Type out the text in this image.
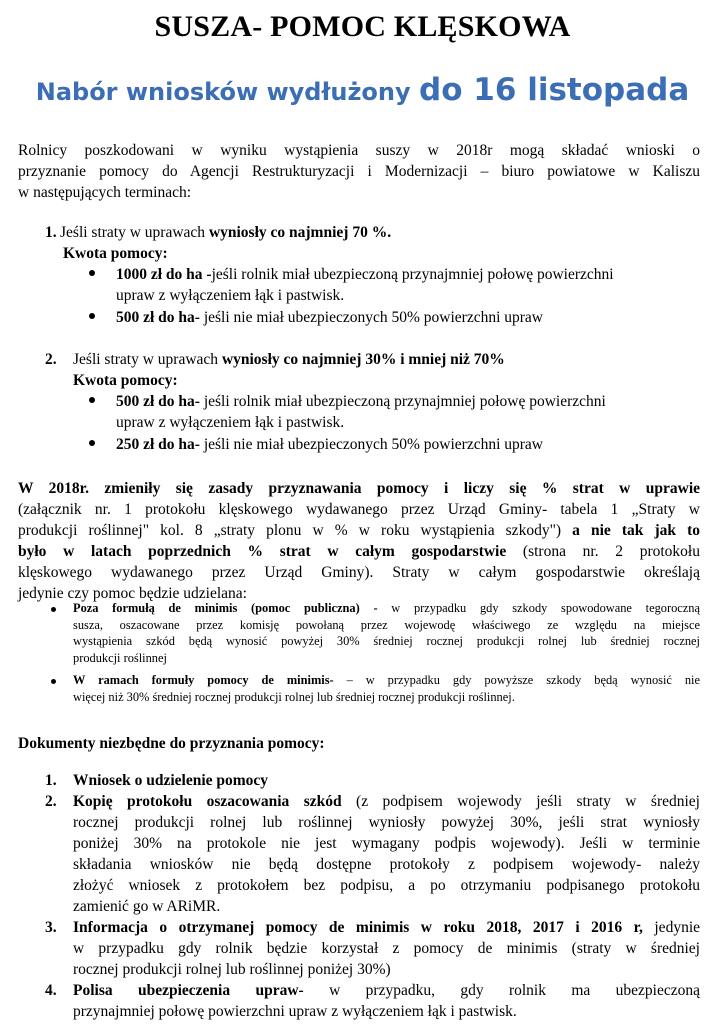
SUSZA- POMOC KLĘSKOWA
Nabór wniosków wydłużony do 16 listopada
Rolnicy poszkodowani w wyniku wystąpienia suszy w 2018r mogą składać wnioski o
przyznanie pomocy do Agencji Restrukturyzacji i Modernizacji – biuro powiatowe w Kaliszu
w następujących terminach:
1. Jeśli straty w uprawach wyniosły co najmniej 70 %.
Kwota pomocy:
1000 zł do ha -jeśli rolnik miał ubezpieczoną przynajmniej połowę powierzchni
upraw z wyłączeniem łąk i pastwisk.
500 zł do ha- jeśli nie miał ubezpieczonych 50% powierzchni upraw
2. Jeśli straty w uprawach wyniosły co najmniej 30% i mniej niż 70%
Kwota pomocy:
500 zł do ha- jeśli rolnik miał ubezpieczoną przynajmniej połowę powierzchni
upraw z wyłączeniem łąk i pastwisk.
250 zł do ha- jeśli nie miał ubezpieczonych 50% powierzchni upraw
W 2018r. zmieniły się zasady przyznawania pomocy i liczy się % strat w uprawie
(załącznik nr. 1 protokołu klęskowego wydawanego przez Urząd Gminy- tabela 1 „Straty w
produkcji roślinnej" kol. 8 „straty plonu w % w roku wystąpienia szkody") a nie tak jak to
było w latach poprzednich % strat w całym gospodarstwie (strona nr. 2 protokołu
klęskowego wydawanego przez Urząd Gminy). Straty w całym gospodarstwie określają
jedynie czy pomoc będzie udzielana:
Poza formułą de minimis (pomoc publiczna) - w przypadku gdy szkody spowodowane tegoroczną
susza, oszacowane przez komisję powołaną przez wojewodę właściwego ze względu na miejsce
wystąpienia szkód będą wynosić powyżej 30% średniej rocznej produkcji rolnej lub średniej rocznej
produkcji roślinnej
W ramach formuły pomocy de minimis- – w przypadku gdy powyższe szkody będą wynosić nie
więcej niż 30% średniej rocznej produkcji rolnej lub średniej rocznej produkcji roślinnej.
Dokumenty niezbędne do przyznania pomocy:
1. Wniosek o udzielenie pomocy
2. Kopię protokołu oszacowania szkód (z podpisem wojewody jeśli straty w średniej
rocznej produkcji rolnej lub roślinnej wyniosły powyżej 30%, jeśli strat wyniosły
poniżej 30% na protokole nie jest wymagany podpis wojewody). Jeśli w terminie
składania wniosków nie będą dostępne protokoły z podpisem wojewody- należy
złożyć wniosek z protokołem bez podpisu, a po otrzymaniu podpisanego protokołu
zamienić go w ARiMR.
3. Informacja o otrzymanej pomocy de minimis w roku 2018, 2017 i 2016 r, jedynie
w przypadku gdy rolnik będzie korzystał z pomocy de minimis (straty w średniej
rocznej produkcji rolnej lub roślinnej poniżej 30%)
4. Polisa ubezpieczenia upraw- w przypadku, gdy rolnik ma ubezpieczoną
przynajmniej połowę powierzchni upraw z wyłączeniem łąk i pastwisk.
